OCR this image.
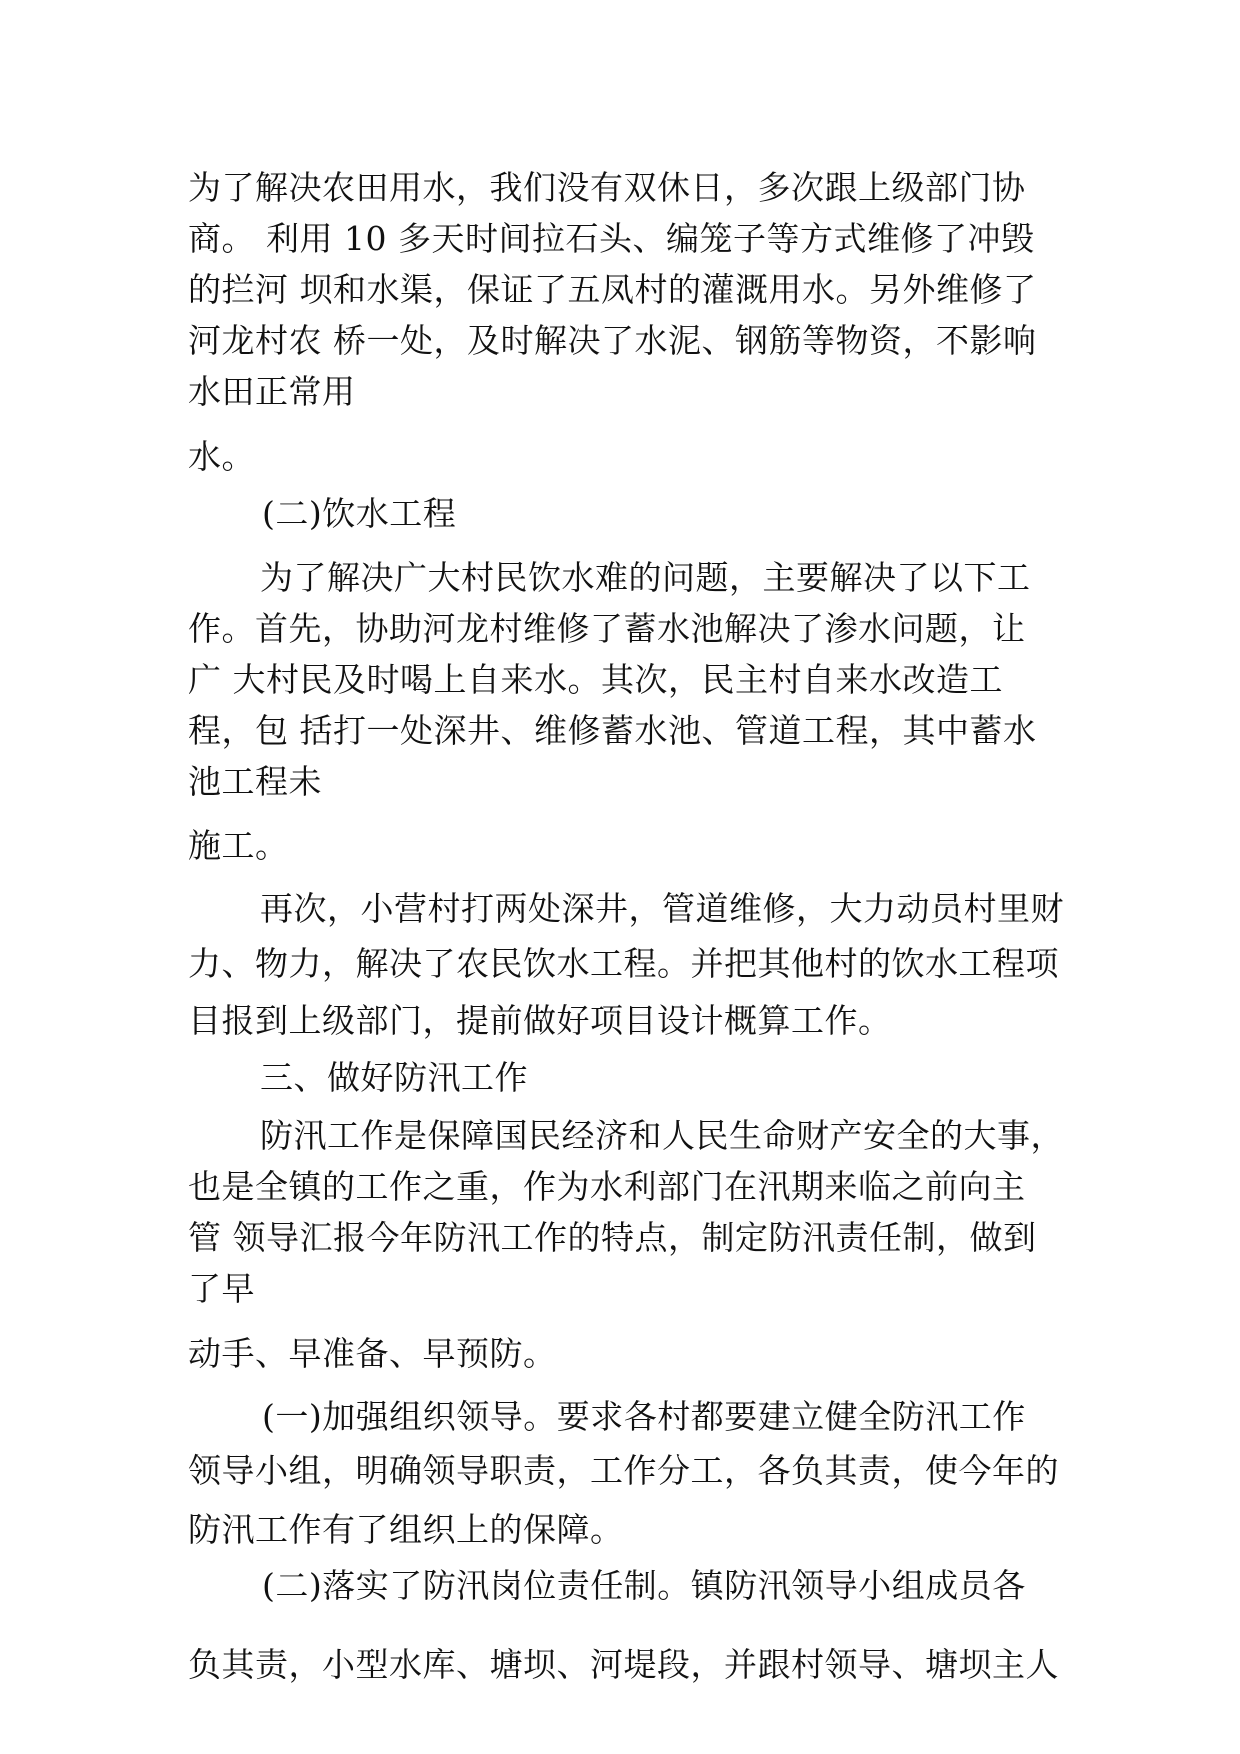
为了解决农田用水，我们没有双休日，多次跟上级部门协
商。 利用 10 多天时间拉石头、编笼子等方式维修了冲毁
的拦河 坝和水渠，保证了五凤村的灌溉用水。另外维修了
河龙村农 桥一处，及时解决了水泥、钢筋等物资，不影响
水田正常用
水。
(二)饮水工程
为了解决广大村民饮水难的问题，主要解决了以下工
作。首先，协助河龙村维修了蓄水池解决了渗水问题，让
广 大村民及时喝上自来水。其次，民主村自来水改造工
程，包 括打一处深井、维修蓄水池、管道工程，其中蓄水
池工程未
施工。
再次，小营村打两处深井，管道维修，大力动员村里财
力、物力，解决了农民饮水工程。并把其他村的饮水工程项
目报到上级部门，提前做好项目设计概算工作。
三、做好防汛工作
防汛工作是保障国民经济和人民生命财产安全的大事，
也是全镇的工作之重，作为水利部门在汛期来临之前向主
管 领导汇报今年防汛工作的特点，制定防汛责任制，做到
了早
动手、早准备、早预防。
(一)加强组织领导。要求各村都要建立健全防汛工作
领导小组，明确领导职责，工作分工，各负其责，使今年的
防汛工作有了组织上的保障。
(二)落实了防汛岗位责任制。镇防汛领导小组成员各
负其责，小型水库、塘坝、河堤段，并跟村领导、塘坝主人
